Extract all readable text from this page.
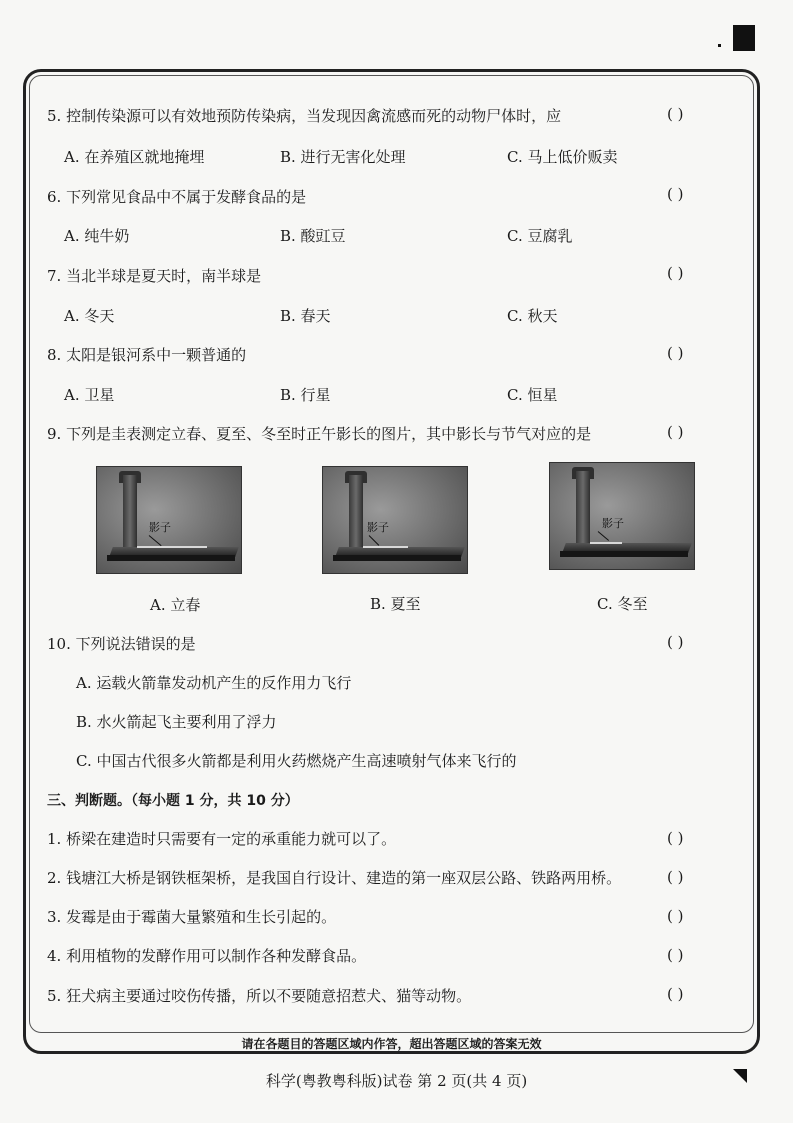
5. 控制传染源可以有效地预防传染病，当发现因禽流感而死的动物尸体时，应	( )
A. 在养殖区就地掩埋	B. 进行无害化处理	C. 马上低价贩卖
6. 下列常见食品中不属于发酵食品的是	( )
A. 纯牛奶	B. 酸豇豆	C. 豆腐乳
7. 当北半球是夏天时，南半球是	( )
A. 冬天	B. 春天	C. 秋天
8. 太阳是银河系中一颗普通的	( )
A. 卫星	B. 行星	C. 恒星
9. 下列是圭表测定立春、夏至、冬至时正午影长的图片，其中影长与节气对应的是	( )
影子	影子	影子
A. 立春	B. 夏至	C. 冬至
10. 下列说法错误的是	( )
A. 运载火箭靠发动机产生的反作用力飞行
B. 水火箭起飞主要利用了浮力
C. 中国古代很多火箭都是利用火药燃烧产生高速喷射气体来飞行的
三、判断题。（每小题 1 分，共 10 分）
1. 桥梁在建造时只需要有一定的承重能力就可以了。	( )
2. 钱塘江大桥是钢铁框架桥，是我国自行设计、建造的第一座双层公路、铁路两用桥。	( )
3. 发霉是由于霉菌大量繁殖和生长引起的。	( )
4. 利用植物的发酵作用可以制作各种发酵食品。	( )
5. 狂犬病主要通过咬伤传播，所以不要随意招惹犬、猫等动物。	( )
请在各题目的答题区域内作答，超出答题区域的答案无效
科学(粤教粤科版)试卷 第 2 页(共 4 页)
